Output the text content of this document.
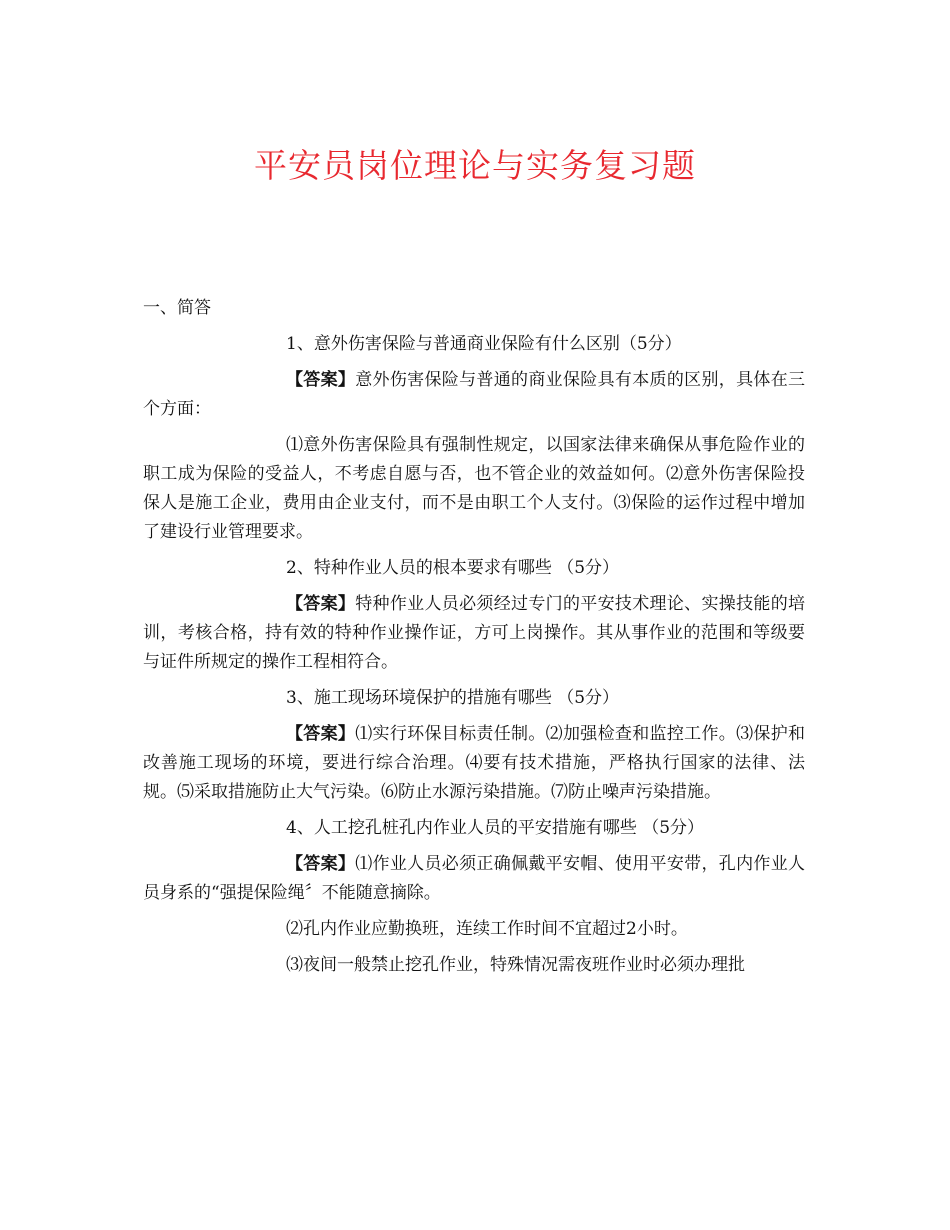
平安员岗位理论与实务复习题

一、简答

1、意外伤害保险与普通商业保险有什么区别（5分）

【答案】意外伤害保险与普通的商业保险具有本质的区别，具体在三个方面：

⑴意外伤害保险具有强制性规定，以国家法律来确保从事危险作业的职工成为保险的受益人，不考虑自愿与否，也不管企业的效益如何。⑵意外伤害保险投保人是施工企业，费用由企业支付，而不是由职工个人支付。⑶保险的运作过程中增加了建设行业管理要求。

2、特种作业人员的根本要求有哪些 （5分）

【答案】特种作业人员必须经过专门的平安技术理论、实操技能的培训，考核合格，持有效的特种作业操作证，方可上岗操作。其从事作业的范围和等级要与证件所规定的操作工程相符合。

3、施工现场环境保护的措施有哪些 （5分）

【答案】⑴实行环保目标责任制。⑵加强检查和监控工作。⑶保护和改善施工现场的环境，要进行综合治理。⑷要有技术措施，严格执行国家的法律、法规。⑸采取措施防止大气污染。⑹防止水源污染措施。⑺防止噪声污染措施。

4、人工挖孔桩孔内作业人员的平安措施有哪些 （5分）

【答案】⑴作业人员必须正确佩戴平安帽、使用平安带，孔内作业人员身系的“强提保险绳〞不能随意摘除。

⑵孔内作业应勤换班，连续工作时间不宜超过2小时。

⑶夜间一般禁止挖孔作业，特殊情况需夜班作业时必须办理批
